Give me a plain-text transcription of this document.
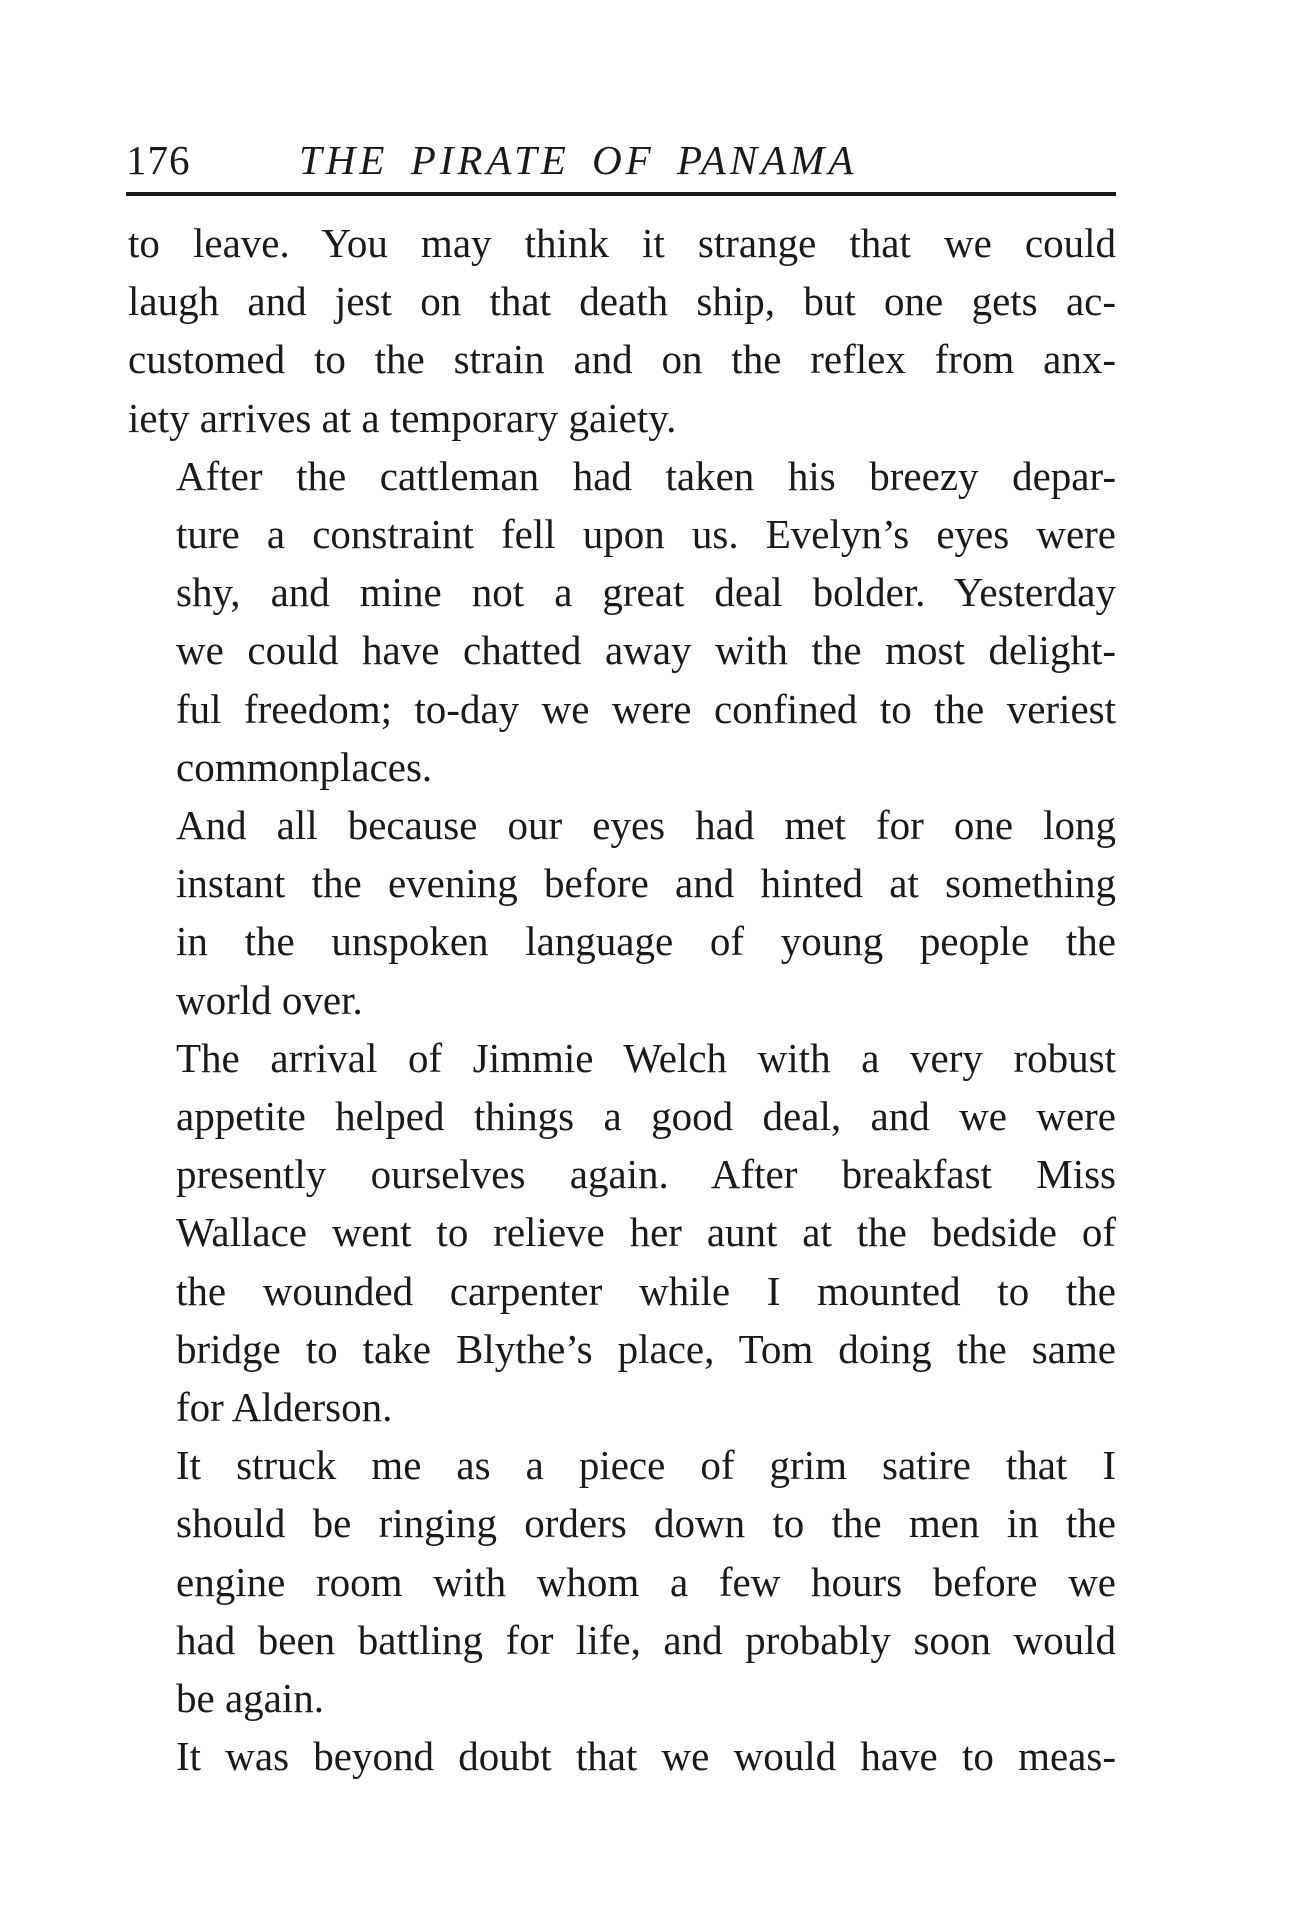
176	THE PIRATE OF PANAMA

to leave. You may think it strange that we could
laugh and jest on that death ship, but one gets ac-
customed to the strain and on the reflex from anx-
iety arrives at a temporary gaiety.

After the cattleman had taken his breezy depar-
ture a constraint fell upon us. Evelyn’s eyes were
shy, and mine not a great deal bolder. Yesterday
we could have chatted away with the most delight-
ful freedom; to-day we were confined to the veriest
commonplaces.

And all because our eyes had met for one long
instant the evening before and hinted at something
in the unspoken language of young people the
world over.

The arrival of Jimmie Welch with a very robust
appetite helped things a good deal, and we were
presently ourselves again. After breakfast Miss
Wallace went to relieve her aunt at the bedside of
the wounded carpenter while I mounted to the
bridge to take Blythe’s place, Tom doing the same
for Alderson.

It struck me as a piece of grim satire that I
should be ringing orders down to the men in the
engine room with whom a few hours before we
had been battling for life, and probably soon would
be again.

It was beyond doubt that we would have to meas-
